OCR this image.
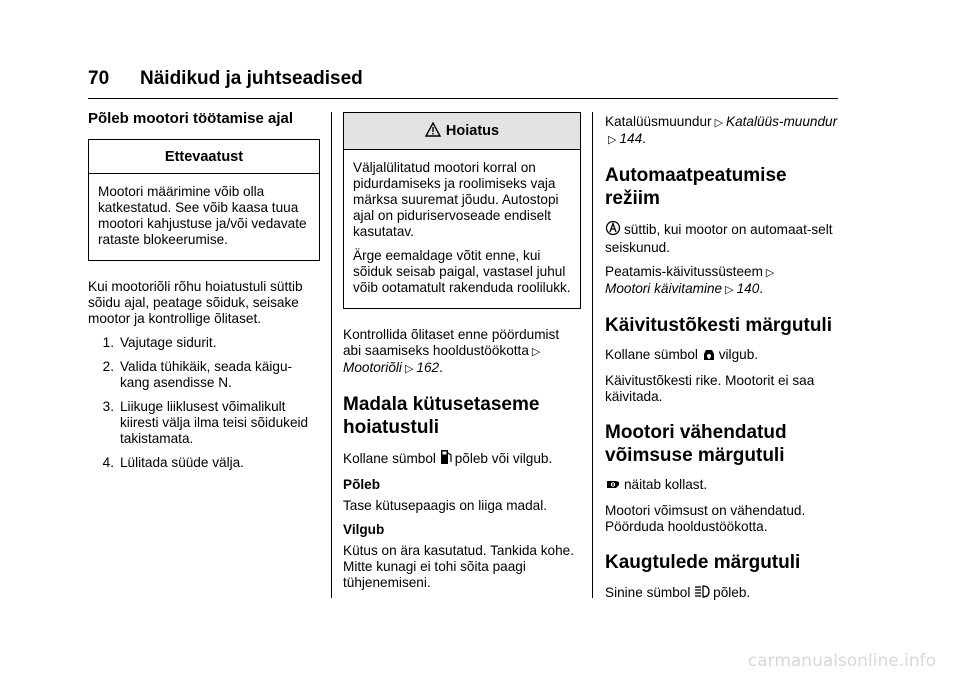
70 Näidikud ja juhtseadised
Põleb mootori töötamise ajal
Ettevaatust

Mootori määrimine võib olla katkestatud. See võib kaasa tuua mootori kahjustuse ja/või vedavate rataste blokeerumise.

Kui mootoriõli rõhu hoiatustuli süttib sõidu ajal, peatage sõiduk, seisake mootor ja kontrollige õlitaset.

1. Vajutage sidurit.
2. Valida tühikäik, seada käigu-kang asendisse N.
3. Liikuge liiklusest võimalikult kiiresti välja ilma teisi sõidukeid takistamata.
4. Lülitada süüde välja.
Hoiatus

Väljalülitatud mootori korral on pidurdamiseks ja roolimiseks vaja märksa suuremat jõudu. Autostopi ajal on piduriservoseade endiselt kasutatav.

Ärge eemaldage võtit enne, kui sõiduk seisab paigal, vastasel juhul võib ootamatult rakenduda roolilukk.

Kontrollida õlitaset enne pöördumist abi saamiseks hooldustöökotta ▷
Mootoriõli ▷ 162.

Madala kütusetaseme hoiatustuli

Kollane sümbol põleb või vilgub.

Põleb

Tase kütusepaagis on liiga madal.

Vilgub

Kütus on ära kasutatud. Tankida kohe. Mitte kunagi ei tohi sõita paagi tühjenemiseni.

Katalüüsmuundur ▷ Katalüüs-muundur▷ 144.

Automaatpeatumise režiim

süttib, kui mootor on automaat-selt seiskunud.

Peatamis-käivitussüsteem ▷
Mootori käivitamine ▷ 140.

Käivitustõkesti märgutuli

Kollane sümbol vilgub.

Käivitustõkesti rike. Mootorit ei saa käivitada.

Mootori vähendatud võimsuse märgutuli

näitab kollast.

Mootori võimsust on vähendatud. Pöörduda hooldustöökotta.

Kaugtulede märgutuli

Sinine sümbol põleb.

carmanualsonline.info
